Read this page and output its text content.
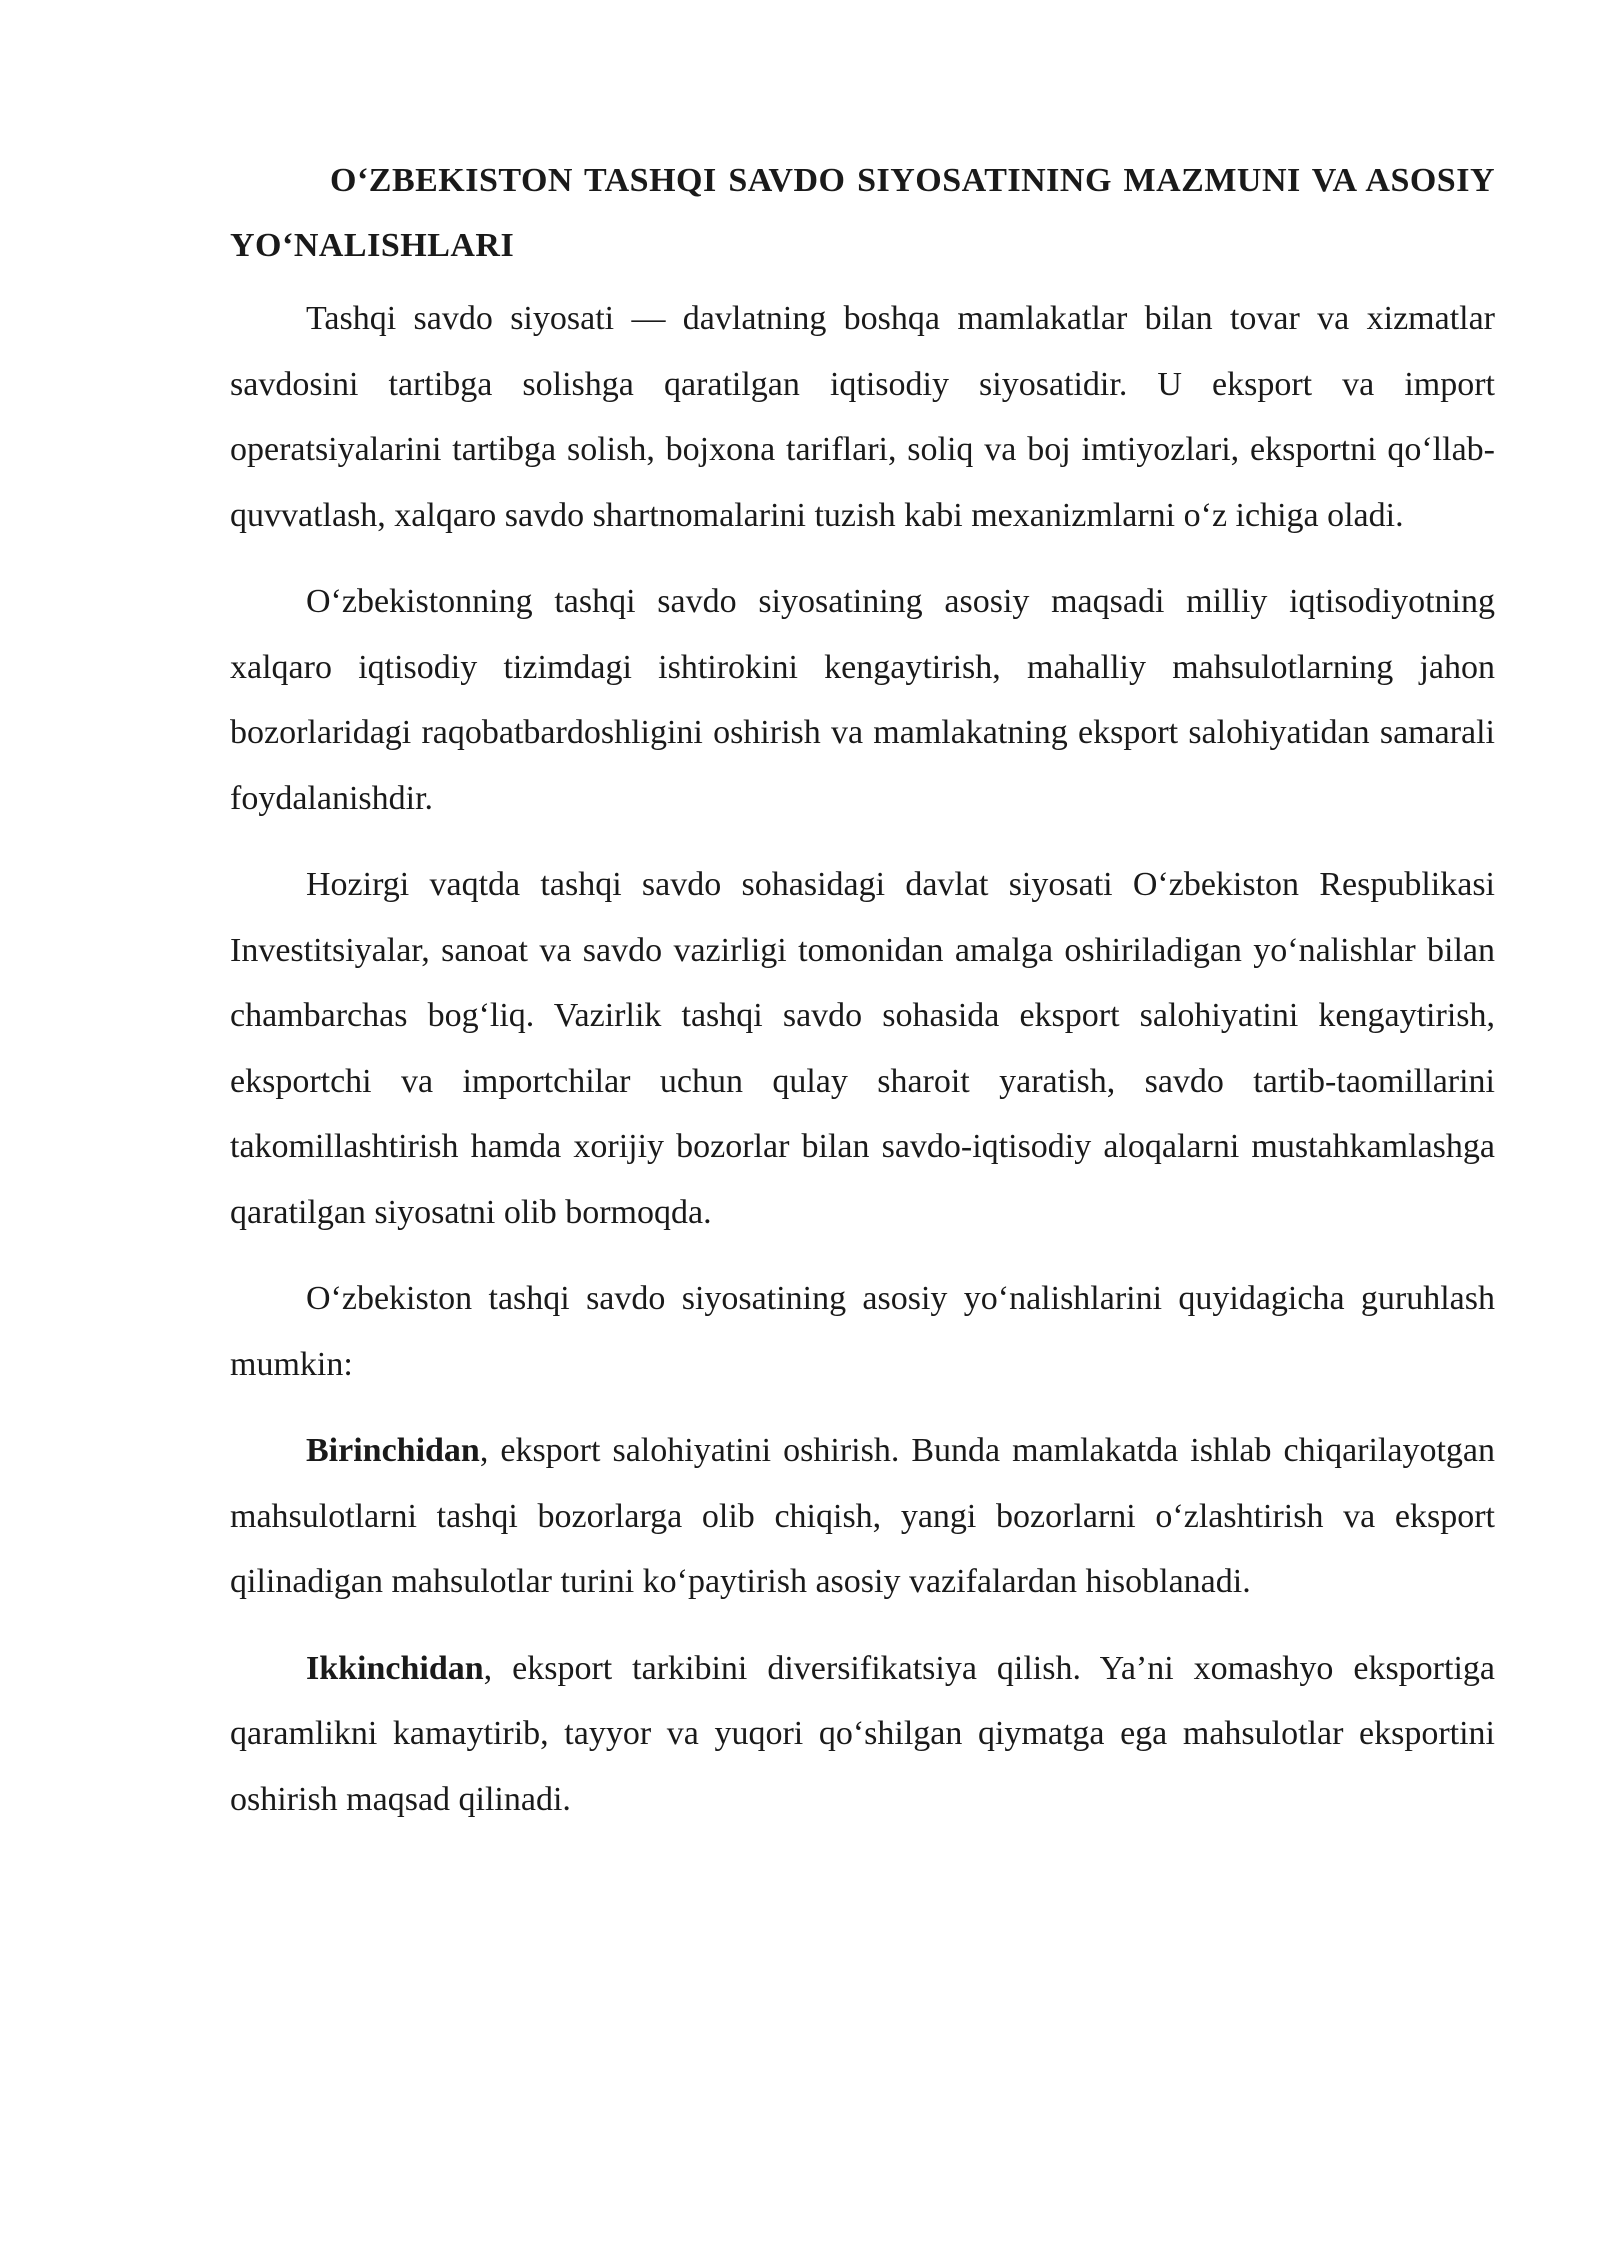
O‘ZBEKISTON TASHQI SAVDO SIYOSATINING MAZMUNI VA ASOSIY YO‘NALISHLARI

Tashqi savdo siyosati — davlatning boshqa mamlakatlar bilan tovar va xizmatlar savdosini tartibga solishga qaratilgan iqtisodiy siyosatidir. U eksport va import operatsiyalarini tartibga solish, bojxona tariflari, soliq va boj imtiyozlari, eksportni qo‘llab-quvvatlash, xalqaro savdo shartnomalarini tuzish kabi mexanizmlarni o‘z ichiga oladi.

O‘zbekistonning tashqi savdo siyosatining asosiy maqsadi milliy iqtisodiyotning xalqaro iqtisodiy tizimdagi ishtirokini kengaytirish, mahalliy mahsulotlarning jahon bozorlaridagi raqobatbardoshligini oshirish va mamlakatning eksport salohiyatidan samarali foydalanishdir.

Hozirgi vaqtda tashqi savdo sohasidagi davlat siyosati O‘zbekiston Respublikasi Investitsiyalar, sanoat va savdo vazirligi tomonidan amalga oshiriladigan yo‘nalishlar bilan chambarchas bog‘liq. Vazirlik tashqi savdo sohasida eksport salohiyatini kengaytirish, eksportchi va importchilar uchun qulay sharoit yaratish, savdo tartib-taomillarini takomillashtirish hamda xorijiy bozorlar bilan savdo-iqtisodiy aloqalarni mustahkamlashga qaratilgan siyosatni olib bormoqda.

O‘zbekiston tashqi savdo siyosatining asosiy yo‘nalishlarini quyidagicha guruhlash mumkin:

Birinchidan, eksport salohiyatini oshirish. Bunda mamlakatda ishlab chiqarilayotgan mahsulotlarni tashqi bozorlarga olib chiqish, yangi bozorlarni o‘zlashtirish va eksport qilinadigan mahsulotlar turini ko‘paytirish asosiy vazifalardan hisoblanadi.

Ikkinchidan, eksport tarkibini diversifikatsiya qilish. Ya’ni xomashyo eksportiga qaramlikni kamaytirib, tayyor va yuqori qo‘shilgan qiymatga ega mahsulotlar eksportini oshirish maqsad qilinadi.
